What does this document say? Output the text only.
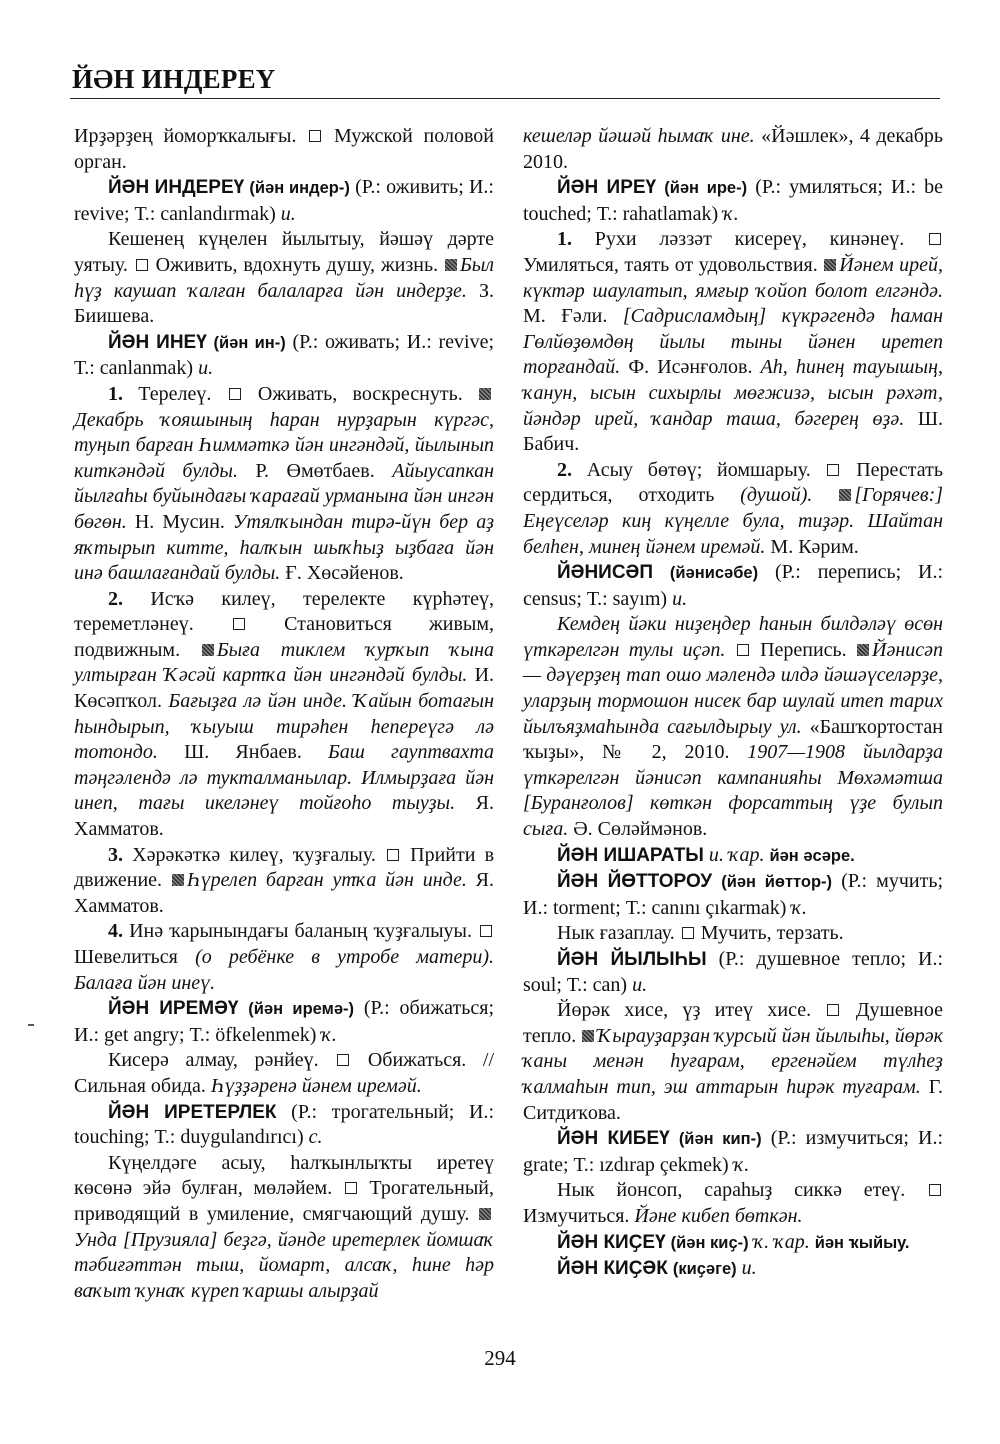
ЙӘН ИНДЕРЕҮ

Ирҙәрҙең йоморҡкалығы. Мужской половой орган.

ЙӘН ИНДЕРЕҮ (йән индер-) (Р.: оживить; И.: revive; Т.: canlandırmak) и.

Кешенең күңелен йылытыу, йәшәү дәрте уятыу. Оживить, вдохнуть душу, жизнь. Был һүҙ каушап ҡалған балаларға йән индерҙе. З. Биишева.

ЙӘН ИНЕҮ (йән ин-) (Р.: оживать; И.: revive; Т.: canlanmak) и.

1. Терелеү. Оживать, воскреснуть. Декабрь ҡояшының һаран нурҙарын күргәс, туңып барған Һиммәткә йән ингәндәй, йылынып киткәндәй булды. Р. Өмөтбаев. Айыусапкан йылғаһы буйындағы ҡарағай урманына йән ингән бөгөн. Н. Мусин. Утялҡындан тирә-йүн бер аҙ яҡтырып китте, һалҡын шыҡһыҙ ыҙбаға йән инә башлағандай булды. Ғ. Хөсәйенов.

2. Исҡә килеү, терелекте күрһәтеү, тереметләнеү.	Становиться живым, подвижным. Быға тиклем ҡурҡып ҡына ултырған Ҡәсәй картҡа йән ингәндәй булды. И. Көсәпҡол. Бағыҙға лә йән инде. Ҡайын ботағын һындырып, ҡыуыш тирәһен һепереүгә лә тотондо. Ш. Янбаев. Баш гауптвахта тәңгәлендә лә тукталманылар. Илмырҙаға йән инеп, тағы икеләнеү тойғоһо тыуҙы. Я. Хамматов.

3. Хәрәкәткә килеү, ҡуҙғалыу. Прийти в движение. Һүрелеп барған утҡа йән инде. Я. Хамматов.

4. Инә ҡарынындағы баланың ҡуҙғалыуы.  Шевелиться (о ребёнке в утробе матери). Балаға йән инеү.

ЙӘН ИРЕМӘҮ (йән иремә-) (Р.: обижаться; И.: get angry; Т.: öfkelenmek) ҡ.

Кисерә алмау, рәнйеү. Обижаться. // Сильная обида. Һүҙҙәренә йәнем иремәй.

ЙӘН ИРЕТЕРЛЕК (Р.: трогательный; И.: touching; Т.: duygulandırıcı) с.

Күңелдәге асыу, һалҡынлыҡты иретеү көсөнә эйә булған, мөләйем. Трогательный, приводящий в умиление, смягчающий душу. Унда [Прузияла] беҙгә, йәнде иретерлек йомшаҡ тәбиғәттән тыш, йомарт, алсаҡ, һине һәр ваҡыт ҡунаҡ күреп ҡаршы алырҙай

кешеләр йәшәй һымаҡ ине. «Йәшлек», 4 декабрь 2010.

ЙӘН ИРЕҮ (йән ире-) (Р.: умиляться; И.: be touched; Т.: rahatlamak) ҡ.

1. Рухи ләззәт кисереү, кинәнеү.  Умиляться, таять от удовольствия. Йәнем ирей, күктәр шаулатып, ямғыр ҡойоп болот елгәндә. М. Ғәли. [Садрисламдың] күкрәгендә һаман Гөлйөҙөмдөң йылы тыны йәнен иретеп торғандай. Ф. Исәнғолов. Аһ, һинең тауышың, ҡанун, ысын сихырлы мөғжизә, ысын рәхәт, йәндәр ирей, ҡандар таша, бәгерең өҙә. Ш. Бабич.

2. Асыу бөтөү; йомшарыу. Перестать сердиться, отходить (душой). [Горячев:] Еңеүселәр киң күңелле була, тиҙәр. Шайтан белһен, минең йәнем иремәй. М. Кәрим.

ЙӘНИСӘП (йәнисәбе) (Р.: перепись; И.: census; Т.: sayım) и.

Кемдең йәки ниҙеңдер һанын билдәләү өсөн үткәрелгән тулы иҫәп. Перепись. Йәнисәп — дәүерҙең тап ошо мәлендә илдә йәшәүселәрҙе, уларҙың тормошон нисек бар шулай итеп тарих йылъяҙмаһында сағылдырыу ул. «Башҡортостан ҡыҙы», № 2, 2010. 1907—1908 йылдарҙа үткәрелгән йәнисәп кампанияһы Мөхәмәтша [Буранғолов] көткән форсаттың үҙе булып сыға. Ә. Сөләймәнов.

ЙӘН ИШАРАТЫ и. ҡар. йән әсәре.

ЙӘН ЙӨТТОРОУ (йән йөттор-) (Р.: мучить; И.: torment; Т.: canını çıkarmak) ҡ.

Нык ғазаплау. Мучить, терзать.

ЙӘН ЙЫЛЫҺЫ (Р.: душевное тепло; И.: soul; Т.: can) и.

Йөрәк хисе, үҙ итеү хисе. Душевное тепло. Ҡырауҙарҙан ҡурсый йән йылыһы, йөрәк ҡаны менән һуғарам, ергенәйем түлһеҙ ҡалмаһын тип, эш аттарын һирәк туғарам. Г. Ситдиҡова.

ЙӘН КИБЕҮ (йән кип-) (Р.: измучиться; И.: grate; Т.: ızdırap çekmek) ҡ.

Нык йонсоп, сараһыҙ сиккә етеү.  Измучиться. Йәне кибеп бөткән.

ЙӘН КИҪЕҮ (йән киҫ-) ҡ. ҡар. йән ҡыйыу.

ЙӘН КИҪӘК (киҫәге) и.

294
